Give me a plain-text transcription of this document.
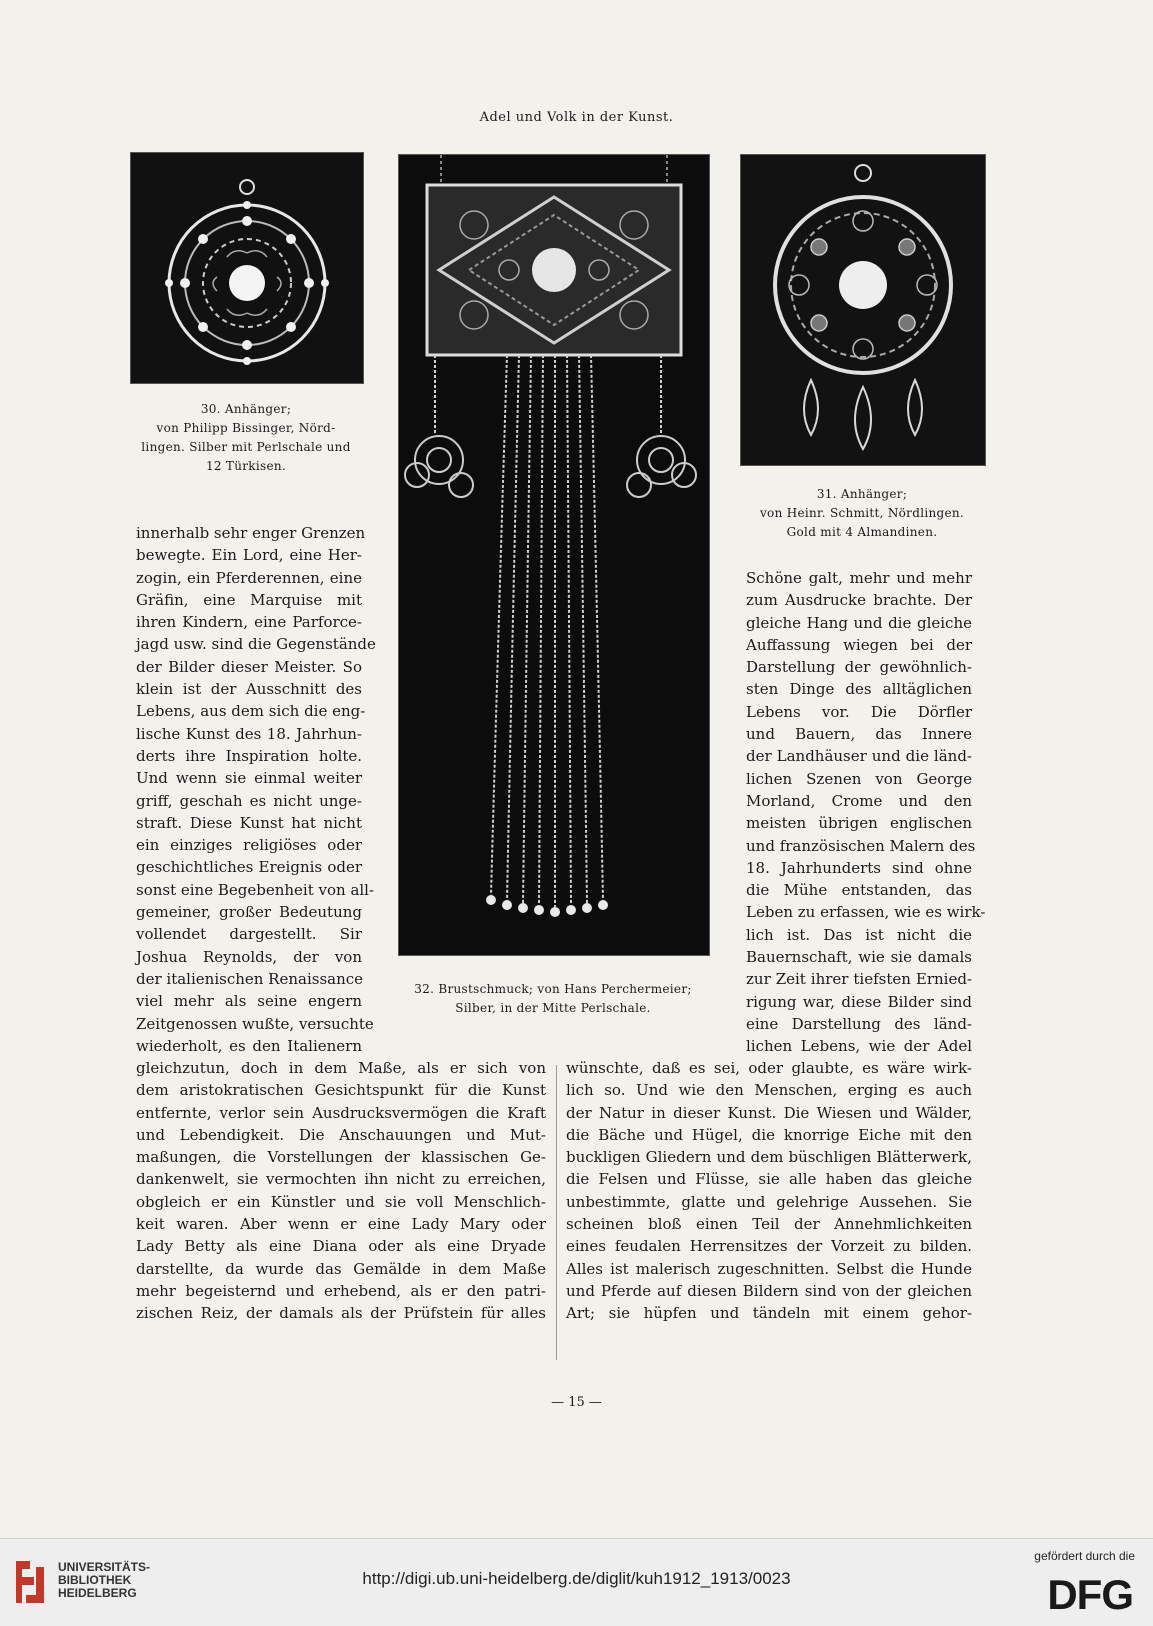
Adel und Volk in der Kunst.
30. Anhänger;
von Philipp Bissinger, Nörd-
lingen. Silber mit Perlschale und
12 Türkisen.
32. Brustschmuck; von Hans Perchermeier;
Silber, in der Mitte Perlschale.
31. Anhänger;
von Heinr. Schmitt, Nördlingen.
Gold mit 4 Almandinen.
innerhalb sehr enger Grenzen
bewegte. Ein Lord, eine Her-
zogin, ein Pferderennen, eine
Gräfin, eine Marquise mit
ihren Kindern, eine Parforce-
jagd usw. sind die Gegenstände
der Bilder dieser Meister. So
klein ist der Ausschnitt des
Lebens, aus dem sich die eng-
lische Kunst des 18. Jahrhun-
derts ihre Inspiration holte.
Und wenn sie einmal weiter
griff, geschah es nicht unge-
straft. Diese Kunst hat nicht
ein einziges religiöses oder
geschichtliches Ereignis oder
sonst eine Begebenheit von all-
gemeiner, großer Bedeutung
vollendet dargestellt. Sir
Joshua Reynolds, der von
der italienischen Renaissance
viel mehr als seine engern
Zeitgenossen wußte, versuchte
wiederholt, es den Italienern
Schöne galt, mehr und mehr
zum Ausdrucke brachte. Der
gleiche Hang und die gleiche
Auffassung wiegen bei der
Darstellung der gewöhnlich-
sten Dinge des alltäglichen
Lebens vor. Die Dörfler
und Bauern, das Innere
der Landhäuser und die länd-
lichen Szenen von George
Morland, Crome und den
meisten übrigen englischen
und französischen Malern des
18. Jahrhunderts sind ohne
die Mühe entstanden, das
Leben zu erfassen, wie es wirk-
lich ist. Das ist nicht die
Bauernschaft, wie sie damals
zur Zeit ihrer tiefsten Ernied-
rigung war, diese Bilder sind
eine Darstellung des länd-
lichen Lebens, wie der Adel
gleichzutun, doch in dem Maße, als er sich von
dem aristokratischen Gesichtspunkt für die Kunst
entfernte, verlor sein Ausdrucksvermögen die Kraft
und Lebendigkeit. Die Anschauungen und Mut-
maßungen, die Vorstellungen der klassischen Ge-
dankenwelt, sie vermochten ihn nicht zu erreichen,
obgleich er ein Künstler und sie voll Menschlich-
keit waren. Aber wenn er eine Lady Mary oder
Lady Betty als eine Diana oder als eine Dryade
darstellte, da wurde das Gemälde in dem Maße
mehr begeisternd und erhebend, als er den patri-
zischen Reiz, der damals als der Prüfstein für alles
wünschte, daß es sei, oder glaubte, es wäre wirk-
lich so. Und wie den Menschen, erging es auch
der Natur in dieser Kunst. Die Wiesen und Wälder,
die Bäche und Hügel, die knorrige Eiche mit den
buckligen Gliedern und dem büschligen Blätterwerk,
die Felsen und Flüsse, sie alle haben das gleiche
unbestimmte, glatte und gelehrige Aussehen. Sie
scheinen bloß einen Teil der Annehmlichkeiten
eines feudalen Herrensitzes der Vorzeit zu bilden.
Alles ist malerisch zugeschnitten. Selbst die Hunde
und Pferde auf diesen Bildern sind von der gleichen
Art; sie hüpfen und tändeln mit einem gehor-
— 15 —
UNIVERSITÄTS-
BIBLIOTHEK
HEIDELBERG
http://digi.ub.uni-heidelberg.de/diglit/kuh1912_1913/0023
gefördert durch die
DFG
